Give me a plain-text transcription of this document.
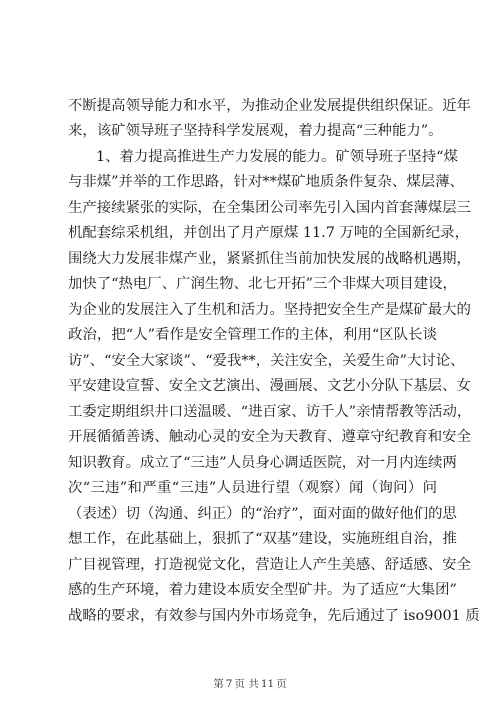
不断提高领导能力和水平，为推动企业发展提供组织保证。近年
来，该矿领导班子坚持科学发展观，着力提高“三种能力”。
1、着力提高推进生产力发展的能力。矿领导班子坚持“煤
与非煤”并举的工作思路，针对**煤矿地质条件复杂、煤层薄、
生产接续紧张的实际，在全集团公司率先引入国内首套薄煤层三
机配套综采机组，并创出了月产原煤 11.7 万吨的全国新纪录，
围绕大力发展非煤产业，紧紧抓住当前加快发展的战略机遇期，
加快了“热电厂、广润生物、北七开拓”三个非煤大项目建设，
为企业的发展注入了生机和活力。坚持把安全生产是煤矿最大的
政治，把“人”看作是安全管理工作的主体，利用“区队长谈
访”、“安全大家谈”、“爱我**，关注安全，关爱生命”大讨论、
平安建设宣誓、安全文艺演出、漫画展、文艺小分队下基层、女
工委定期组织井口送温暖、“进百家、访千人”亲情帮教等活动，
开展循循善诱、触动心灵的安全为天教育、遵章守纪教育和安全
知识教育。成立了“三违”人员身心调适医院，对一月内连续两
次“三违”和严重“三违”人员进行望（观察）闻（询问）问
（表述）切（沟通、纠正）的“治疗”，面对面的做好他们的思
想工作，在此基础上，狠抓了“双基”建设，实施班组自治，推
广目视管理，打造视觉文化，营造让人产生美感、舒适感、安全
感的生产环境，着力建设本质安全型矿井。为了适应“大集团”
战略的要求，有效参与国内外市场竞争，先后通过了 iso9001 质
第 7 页 共 11 页
